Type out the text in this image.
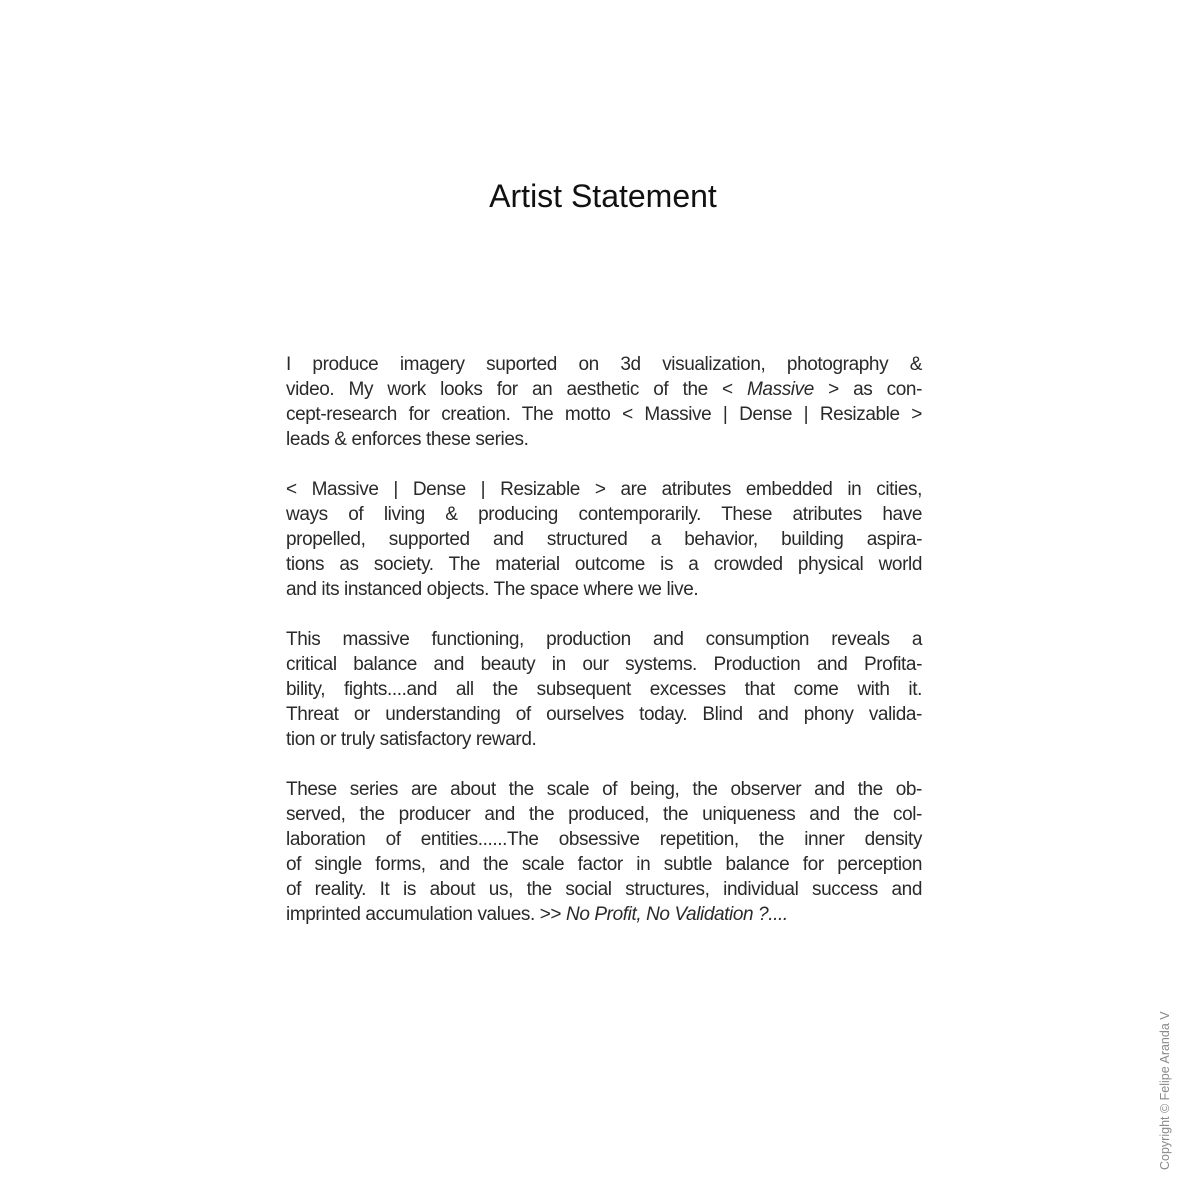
Artist Statement
I produce imagery suported on 3d visualization, photography &
video. My work looks for an aesthetic of the < Massive > as con-
cept-research for creation. The motto < Massive | Dense | Resizable >
leads & enforces these series.
< Massive | Dense | Resizable > are atributes embedded in cities,
ways of living & producing contemporarily. These atributes have
propelled, supported and structured a behavior, building aspira-
tions as society. The material outcome is a crowded physical world
and its instanced objects. The space where we live.
This massive functioning, production and consumption reveals a
critical balance and beauty in our systems. Production and Profita-
bility, fights....and all the subsequent excesses that come with it.
Threat or understanding of ourselves today. Blind and phony valida-
tion or truly satisfactory reward.
These series are about the scale of being, the observer and the ob-
served, the producer and the produced, the uniqueness and the col-
laboration of entities......The obsessive repetition, the inner density
of single forms, and the scale factor in subtle balance for perception
of reality. It is about us, the social structures, individual success and
imprinted accumulation values. >> No Profit, No Validation ?....
Copyright © Felipe Aranda V
